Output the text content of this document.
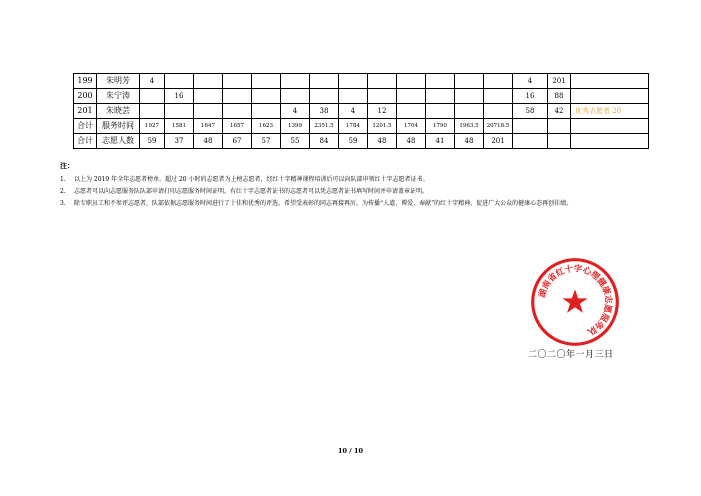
199	朱明芳	4													4	201	
200	朱宁涛		16												16	88	
201	朱晓芸						4	38	4	12					58	42	优秀志愿者 20
合计	服务时间	1927	1581	1647	1657	1623	1399	2351.5	1784	1201.5	1704	1790	1963.5	20718.5			
合计	志愿人数	59	37	48	67	57	55	84	59	48	48	41	48	201			
注：
1.	以上为 2019 年全年志愿者榜单。超过 20 小时的志愿者为上榜志愿者，经红十字精神课程培训后可以向队部申领红十字志愿者证书。
2.	志愿者可以向志愿服务队队部申请打印志愿服务时间证明，有红十字志愿者证书的志愿者可以凭志愿者证书填写时间并申请盖章证明。
3.	除专职员工和不参评志愿者，队部依据志愿服务时间进行了十佳和优秀的评选，希望受表彰的同志再接再厉，为传播“人道、博爱、奉献”的红十字精神，促进广大公众的健康心态再创佳绩。
湖南省红十字心理健康志愿服务队
二〇二〇年一月三日
10 / 10
